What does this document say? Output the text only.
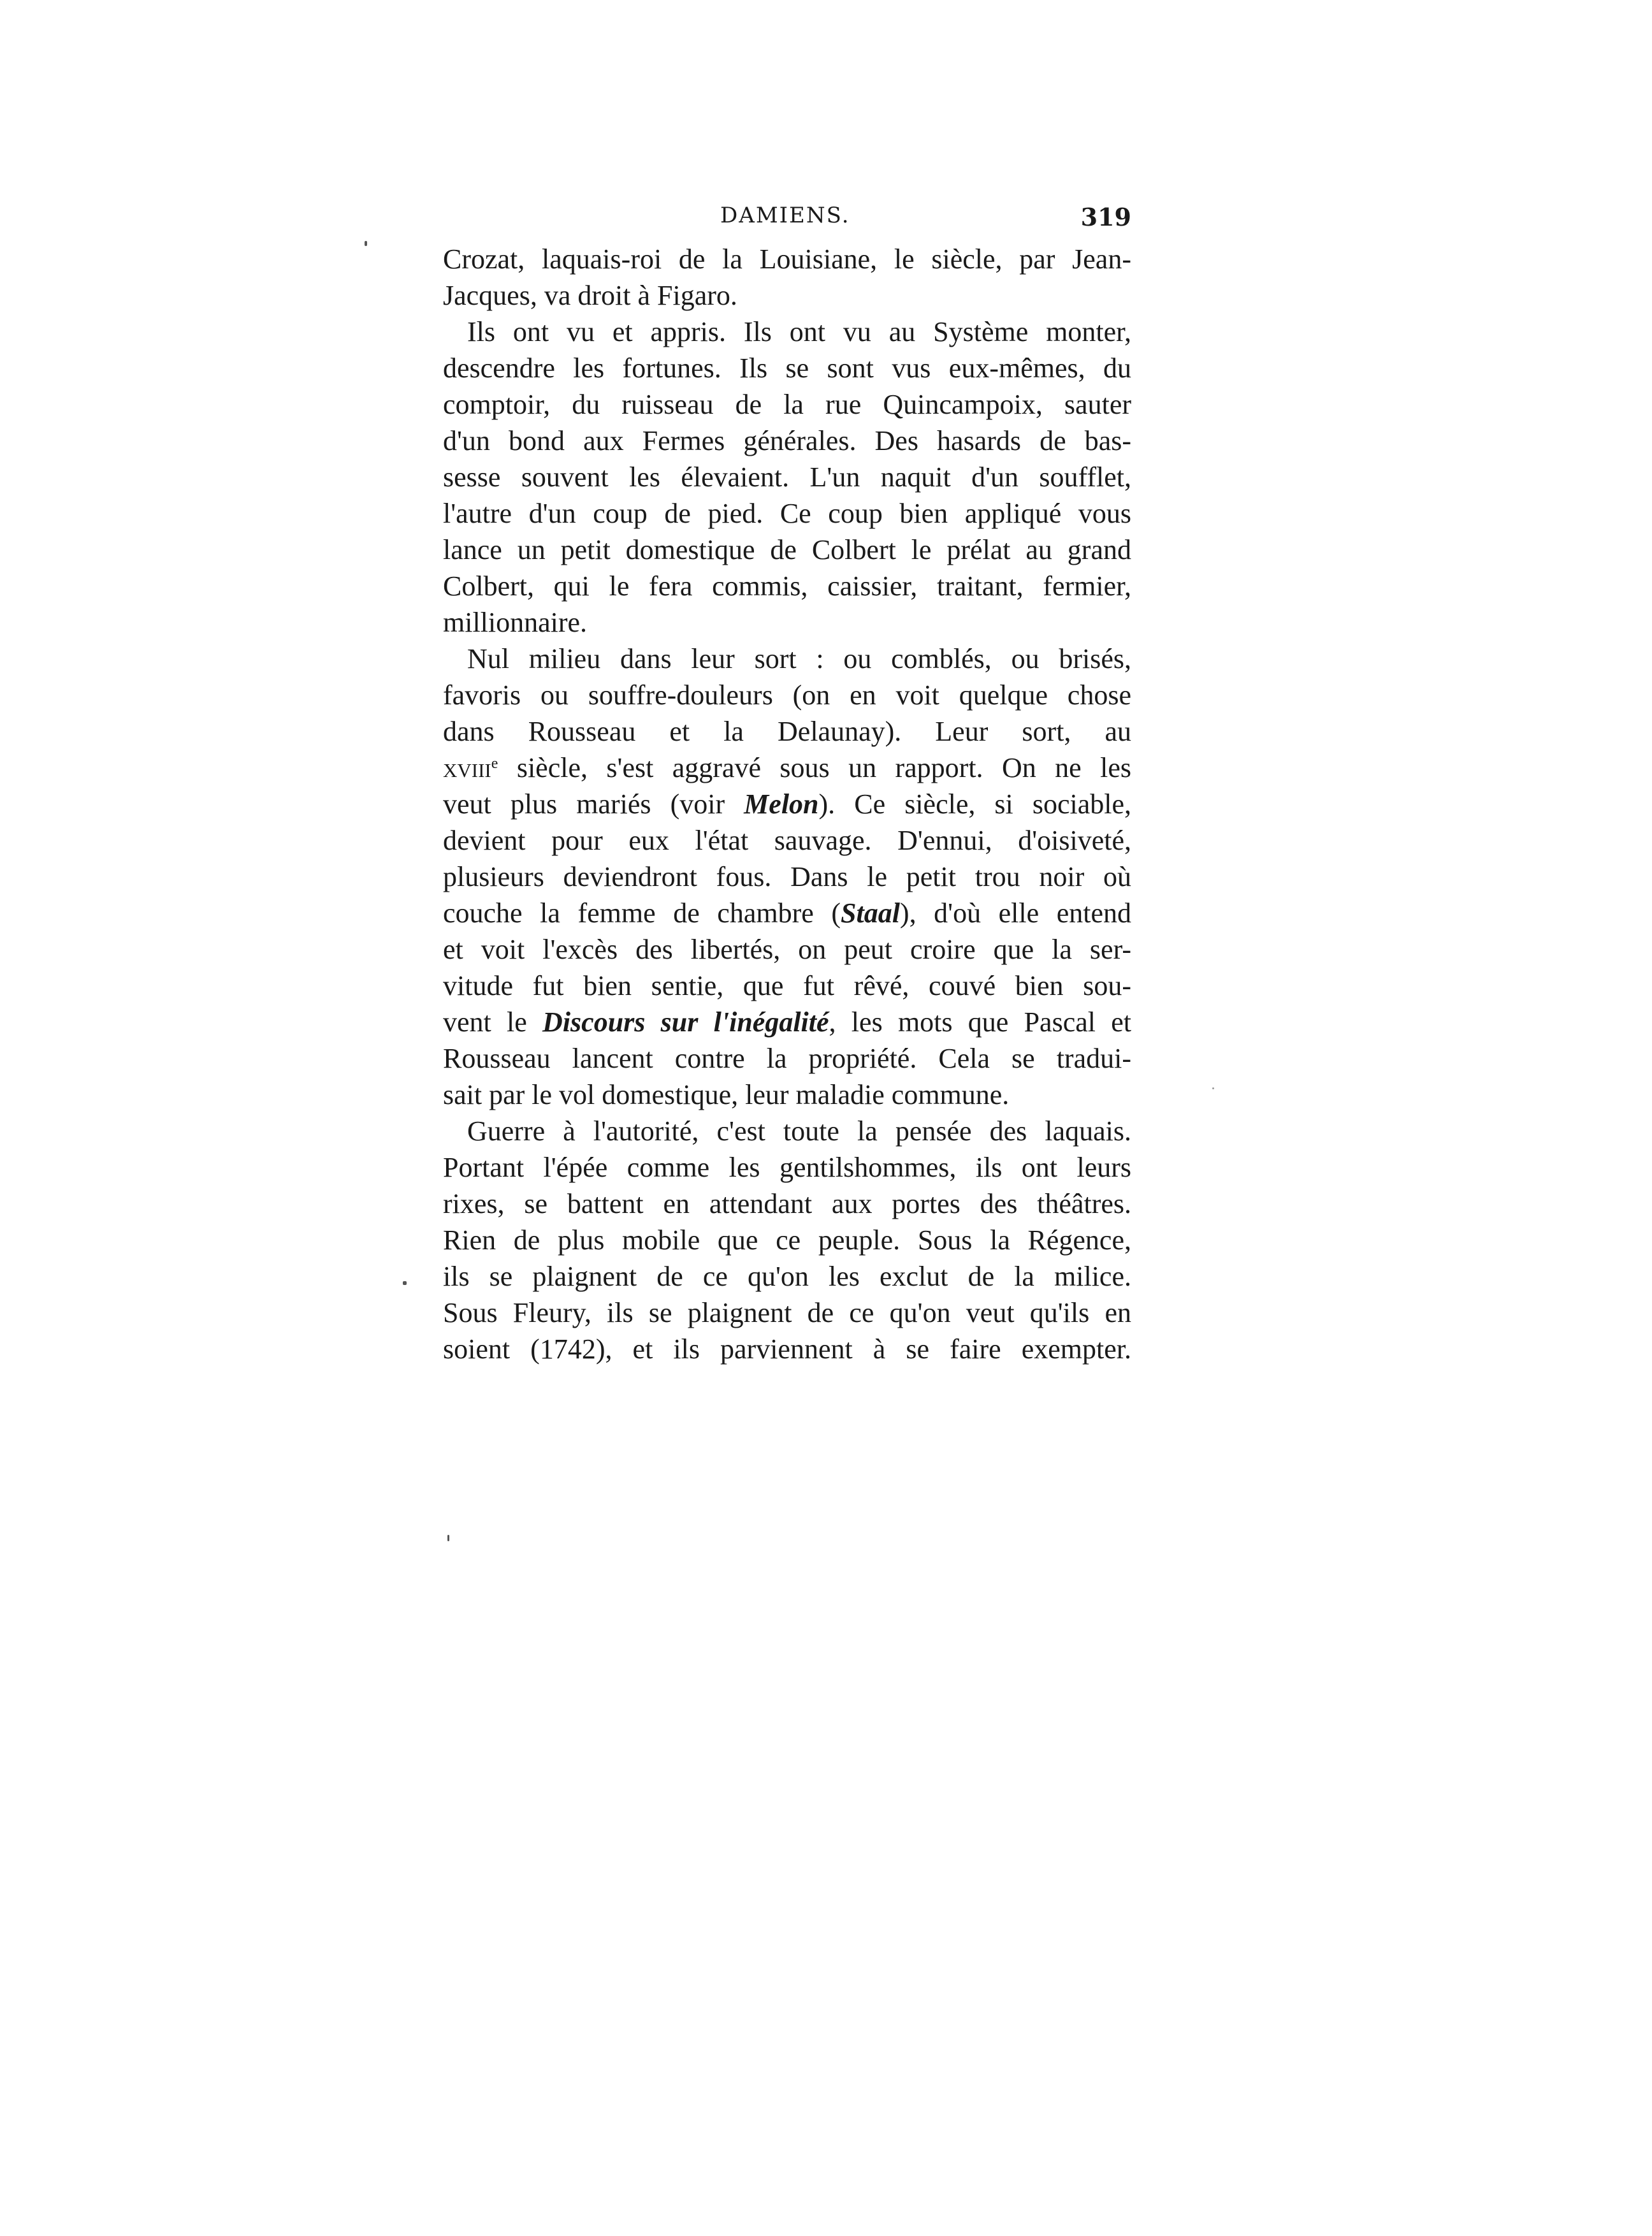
DAMIENS.	319
Crozat, laquais-roi de la Louisiane, le siècle, par Jean-
Jacques, va droit à Figaro.
Ils ont vu et appris. Ils ont vu au Système monter,
descendre les fortunes. Ils se sont vus eux-mêmes, du
comptoir, du ruisseau de la rue Quincampoix, sauter
d'un bond aux Fermes générales. Des hasards de bas-
sesse souvent les élevaient. L'un naquit d'un soufflet,
l'autre d'un coup de pied. Ce coup bien appliqué vous
lance un petit domestique de Colbert le prélat au grand
Colbert, qui le fera commis, caissier, traitant, fermier,
millionnaire.
Nul milieu dans leur sort : ou comblés, ou brisés,
favoris ou souffre-douleurs (on en voit quelque chose
dans Rousseau et la Delaunay). Leur sort, au
xviii$^e$ siècle, s'est aggravé sous un rapport. On ne les
veut plus mariés (voir Melon). Ce siècle, si sociable,
devient pour eux l'état sauvage. D'ennui, d'oisiveté,
plusieurs deviendront fous. Dans le petit trou noir où
couche la femme de chambre (Staal), d'où elle entend
et voit l'excès des libertés, on peut croire que la ser-
vitude fut bien sentie, que fut rêvé, couvé bien sou-
vent le Discours sur l'inégalité, les mots que Pascal et
Rousseau lancent contre la propriété. Cela se tradui-
sait par le vol domestique, leur maladie commune.
Guerre à l'autorité, c'est toute la pensée des laquais.
Portant l'épée comme les gentilshommes, ils ont leurs
rixes, se battent en attendant aux portes des théâtres.
Rien de plus mobile que ce peuple. Sous la Régence,
ils se plaignent de ce qu'on les exclut de la milice.
Sous Fleury, ils se plaignent de ce qu'on veut qu'ils en
soient (1742), et ils parviennent à se faire exempter.
